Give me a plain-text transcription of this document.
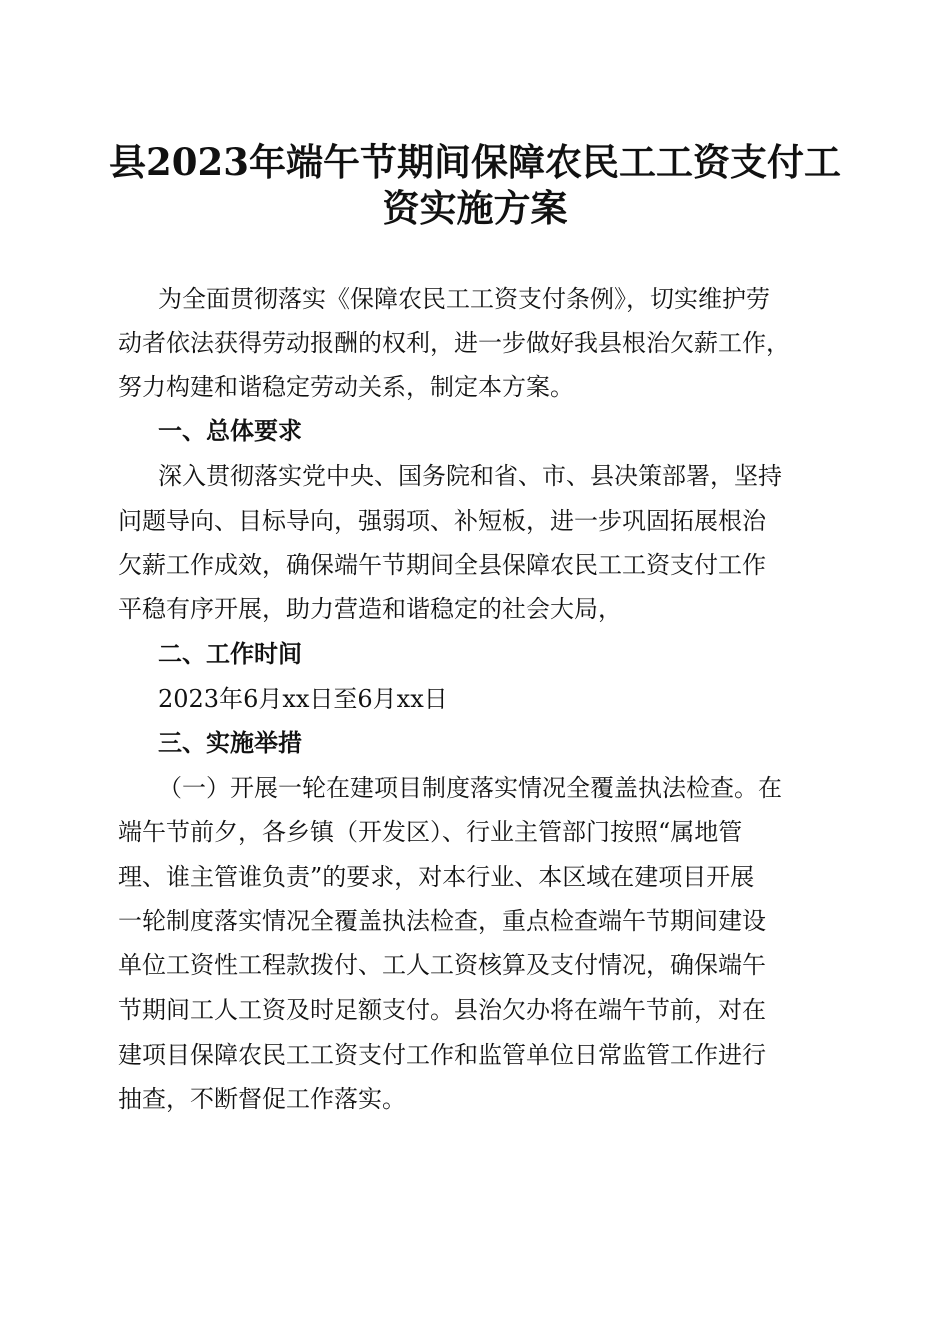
县2023年端午节期间保障农民工工资支付工
资实施方案
为全面贯彻落实《保障农民工工资支付条例》，切实维护劳
动者依法获得劳动报酬的权利，进一步做好我县根治欠薪工作，
努力构建和谐稳定劳动关系，制定本方案。
一、总体要求
深入贯彻落实党中央、国务院和省、市、县决策部署，坚持
问题导向、目标导向，强弱项、补短板，进一步巩固拓展根治
欠薪工作成效，确保端午节期间全县保障农民工工资支付工作
平稳有序开展，助力营造和谐稳定的社会大局，
二、工作时间
2023年6月xx日至6月xx日
三、实施举措
（一）开展一轮在建项目制度落实情况全覆盖执法检查。在
端午节前夕，各乡镇（开发区）、行业主管部门按照“属地管
理、谁主管谁负责”的要求，对本行业、本区域在建项目开展
一轮制度落实情况全覆盖执法检查，重点检查端午节期间建设
单位工资性工程款拨付、工人工资核算及支付情况，确保端午
节期间工人工资及时足额支付。县治欠办将在端午节前，对在
建项目保障农民工工资支付工作和监管单位日常监管工作进行
抽查，不断督促工作落实。
